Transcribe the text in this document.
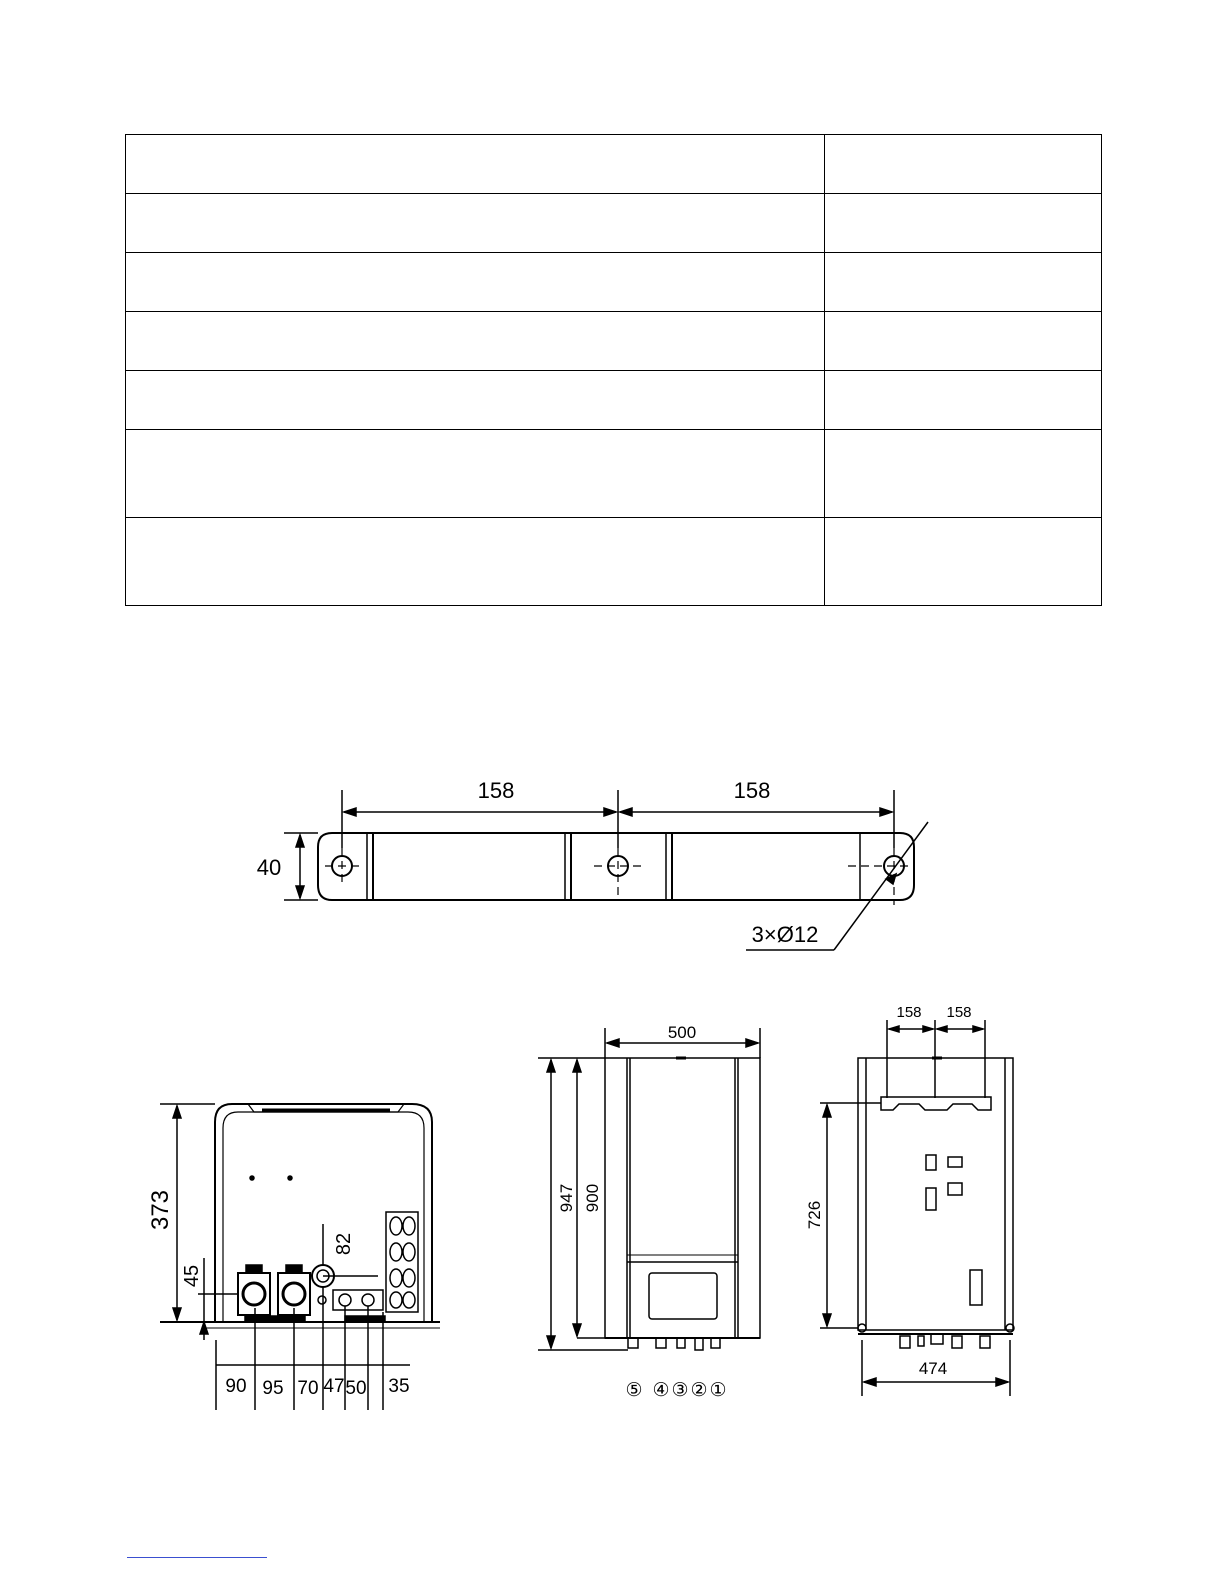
158	158
40
3×Ø12
373
45
82
90 95 70 47 50 35
500
947 900
⑤ ④ ③ ② ①
158 158
726
474
